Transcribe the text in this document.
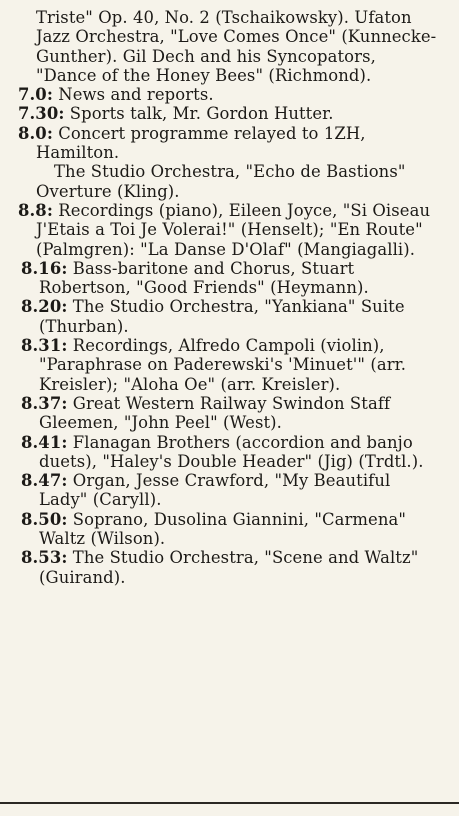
Triste" Op. 40, No. 2 (Tschaikowsky). Ufaton Jazz Orchestra, "Love Comes Once" (Kunnecke-Gunther). Gil Dech and his Syncopators, "Dance of the Honey Bees" (Richmond).

7.0: News and reports.

7.30: Sports talk, Mr. Gordon Hutter.

8.0: Concert programme relayed to 1ZH, Hamilton.

The Studio Orchestra, "Echo de Bastions" Overture (Kling).

8.8: Recordings (piano), Eileen Joyce, "Si Oiseau J'Etais a Toi Je Volerai!" (Henselt); "En Route" (Palmgren): "La Danse D'Olaf" (Mangiagalli).

8.16: Bass-baritone and Chorus, Stuart Robertson, "Good Friends" (Heymann).

8.20: The Studio Orchestra, "Yankiana" Suite (Thurban).

8.31: Recordings, Alfredo Campoli (violin), "Paraphrase on Paderewski's 'Minuet'" (arr. Kreisler); "Aloha Oe" (arr. Kreisler).

8.37: Great Western Railway Swindon Staff Gleemen, "John Peel" (West).

8.41: Flanagan Brothers (accordion and banjo duets), "Haley's Double Header" (Jig) (Trdtl.).

8.47: Organ, Jesse Crawford, "My Beautiful Lady" (Caryll).

8.50: Soprano, Dusolina Giannini, "Carmena" Waltz (Wilson).

8.53: The Studio Orchestra, "Scene and Waltz" (Guirand).
